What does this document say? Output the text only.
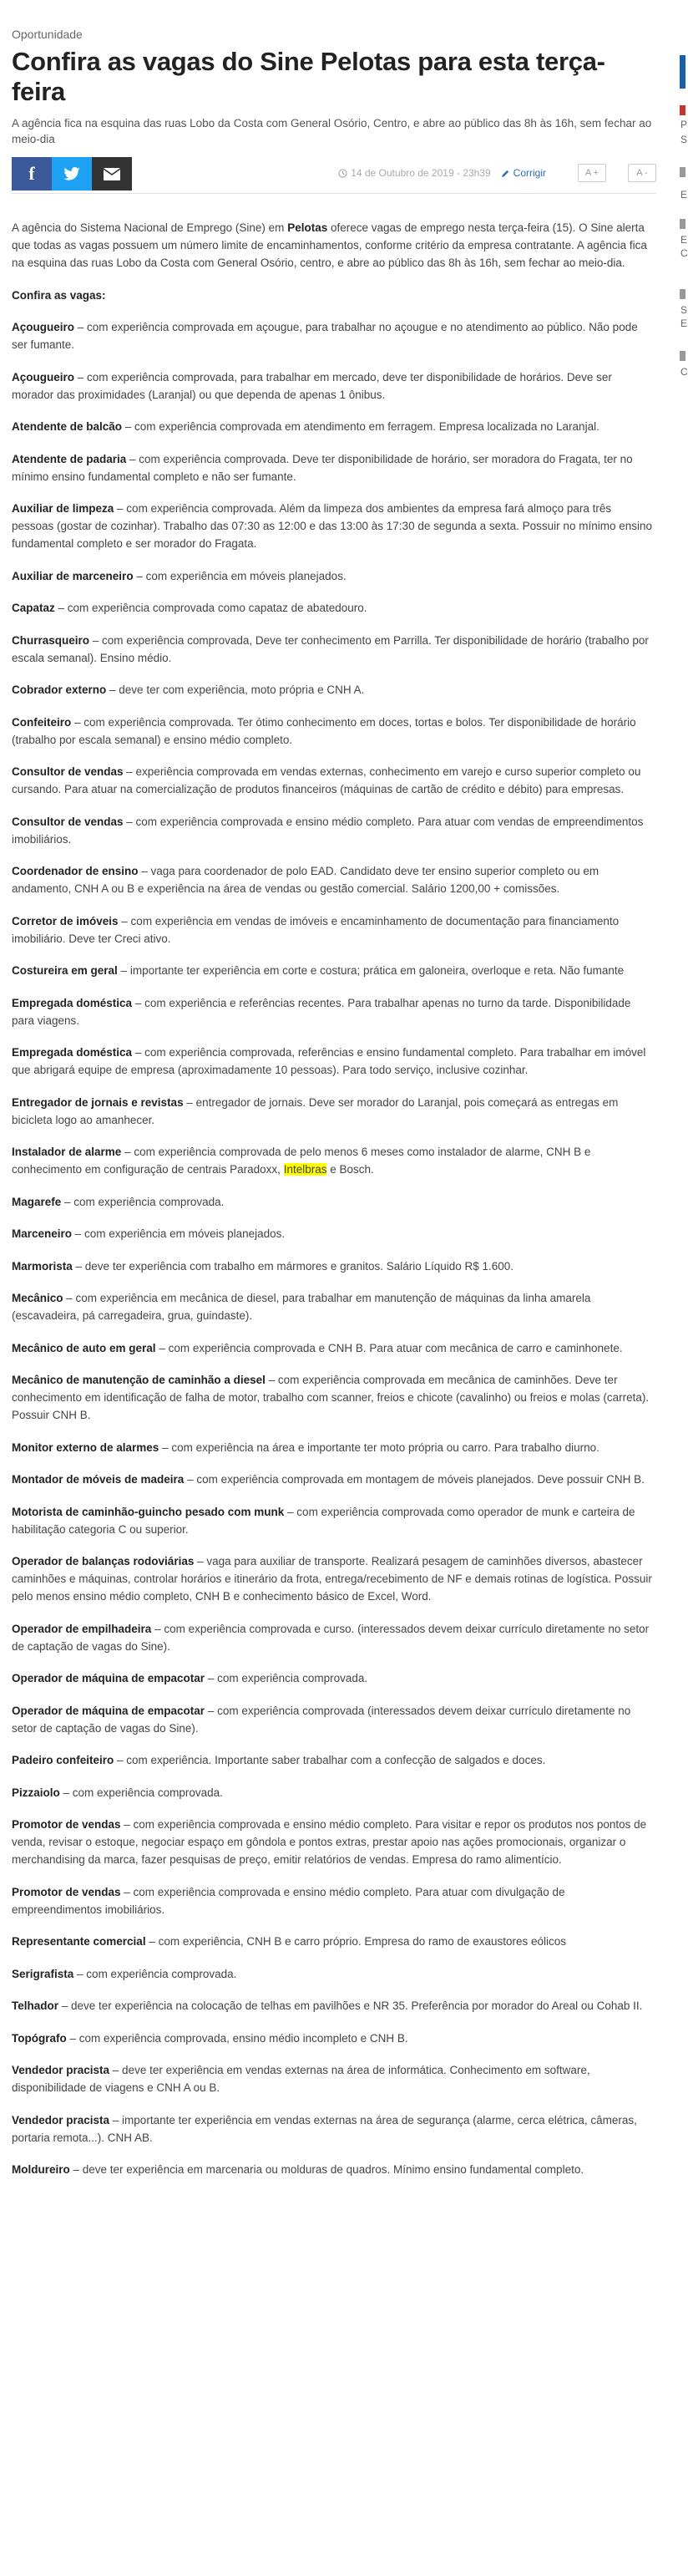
Oportunidade
Confira as vagas do Sine Pelotas para esta terça-feira
A agência fica na esquina das ruas Lobo da Costa com General Osório, Centro, e abre ao público das 8h às 16h, sem fechar ao meio-dia
f	14 de Outubro de 2019 - 23h39 Corrigir	A +	A -

A agência do Sistema Nacional de Emprego (Sine) em Pelotas oferece vagas de emprego nesta terça-feira (15). O Sine alerta que todas as vagas possuem um número limite de encaminhamentos, conforme critério da empresa contratante. A agência fica na esquina das ruas Lobo da Costa com General Osório, centro, e abre ao público das 8h às 16h, sem fechar ao meio-dia.

Confira as vagas:

Açougueiro – com experiência comprovada em açougue, para trabalhar no açougue e no atendimento ao público. Não pode ser fumante.

Açougueiro – com experiência comprovada, para trabalhar em mercado, deve ter disponibilidade de horários. Deve ser morador das proximidades (Laranjal) ou que dependa de apenas 1 ônibus.

Atendente de balcão – com experiência comprovada em atendimento em ferragem. Empresa localizada no Laranjal.

Atendente de padaria – com experiência comprovada. Deve ter disponibilidade de horário, ser moradora do Fragata, ter no mínimo ensino fundamental completo e não ser fumante.

Auxiliar de limpeza – com experiência comprovada. Além da limpeza dos ambientes da empresa fará almoço para três pessoas (gostar de cozinhar). Trabalho das 07:30 as 12:00 e das 13:00 às 17:30 de segunda a sexta. Possuir no mínimo ensino fundamental completo e ser morador do Fragata.

Auxiliar de marceneiro – com experiência em móveis planejados.

Capataz – com experiência comprovada como capataz de abatedouro.

Churrasqueiro – com experiência comprovada, Deve ter conhecimento em Parrilla. Ter disponibilidade de horário (trabalho por escala semanal). Ensino médio.

Cobrador externo – deve ter com experiência, moto própria e CNH A.

Confeiteiro – com experiência comprovada. Ter ótimo conhecimento em doces, tortas e bolos. Ter disponibilidade de horário (trabalho por escala semanal) e ensino médio completo.

Consultor de vendas – experiência comprovada em vendas externas, conhecimento em varejo e curso superior completo ou cursando. Para atuar na comercialização de produtos financeiros (máquinas de cartão de crédito e débito) para empresas.

Consultor de vendas – com experiência comprovada e ensino médio completo. Para atuar com vendas de empreendimentos imobiliários.

Coordenador de ensino – vaga para coordenador de polo EAD. Candidato deve ter ensino superior completo ou em andamento, CNH A ou B e experiência na área de vendas ou gestão comercial. Salário 1200,00 + comissões.

Corretor de imóveis – com experiência em vendas de imóveis e encaminhamento de documentação para financiamento imobiliário. Deve ter Creci ativo.

Costureira em geral – importante ter experiência em corte e costura; prática em galoneira, overloque e reta. Não fumante

Empregada doméstica – com experiência e referências recentes. Para trabalhar apenas no turno da tarde. Disponibilidade para viagens.

Empregada doméstica – com experiência comprovada, referências e ensino fundamental completo. Para trabalhar em imóvel que abrigará equipe de empresa (aproximadamente 10 pessoas). Para todo serviço, inclusive cozinhar.

Entregador de jornais e revistas – entregador de jornais. Deve ser morador do Laranjal, pois começará as entregas em bicicleta logo ao amanhecer.

Instalador de alarme – com experiência comprovada de pelo menos 6 meses como instalador de alarme, CNH B e conhecimento em configuração de centrais Paradoxx, Intelbras e Bosch.

Magarefe – com experiência comprovada.

Marceneiro – com experiência em móveis planejados.

Marmorista – deve ter experiência com trabalho em mármores e granitos. Salário Líquido R$ 1.600.

Mecânico – com experiência em mecânica de diesel, para trabalhar em manutenção de máquinas da linha amarela (escavadeira, pá carregadeira, grua, guindaste).

Mecânico de auto em geral – com experiência comprovada e CNH B. Para atuar com mecânica de carro e caminhonete.

Mecânico de manutenção de caminhão a diesel – com experiência comprovada em mecânica de caminhões. Deve ter conhecimento em identificação de falha de motor, trabalho com scanner, freios e chicote (cavalinho) ou freios e molas (carreta). Possuir CNH B.

Monitor externo de alarmes – com experiência na área e importante ter moto própria ou carro. Para trabalho diurno.

Montador de móveis de madeira – com experiência comprovada em montagem de móveis planejados. Deve possuir CNH B.

Motorista de caminhão-guincho pesado com munk – com experiência comprovada como operador de munk e carteira de habilitação categoria C ou superior.

Operador de balanças rodoviárias – vaga para auxiliar de transporte. Realizará pesagem de caminhões diversos, abastecer caminhões e máquinas, controlar horários e itinerário da frota, entrega/recebimento de NF e demais rotinas de logística. Possuir pelo menos ensino médio completo, CNH B e conhecimento básico de Excel, Word.

Operador de empilhadeira – com experiência comprovada e curso. (interessados devem deixar currículo diretamente no setor de captação de vagas do Sine).

Operador de máquina de empacotar – com experiência comprovada.

Operador de máquina de empacotar – com experiência comprovada (interessados devem deixar currículo diretamente no setor de captação de vagas do Sine).

Padeiro confeiteiro – com experiência. Importante saber trabalhar com a confecção de salgados e doces.

Pizzaiolo – com experiência comprovada.

Promotor de vendas – com experiência comprovada e ensino médio completo. Para visitar e repor os produtos nos pontos de venda, revisar o estoque, negociar espaço em gôndola e pontos extras, prestar apoio nas ações promocionais, organizar o merchandising da marca, fazer pesquisas de preço, emitir relatórios de vendas. Empresa do ramo alimentício.

Promotor de vendas – com experiência comprovada e ensino médio completo. Para atuar com divulgação de empreendimentos imobiliários.

Representante comercial – com experiência, CNH B e carro próprio. Empresa do ramo de exaustores eólicos

Serigrafista – com experiência comprovada.

Telhador – deve ter experiência na colocação de telhas em pavilhões e NR 35. Preferência por morador do Areal ou Cohab II.

Topógrafo – com experiência comprovada, ensino médio incompleto e CNH B.

Vendedor pracista – deve ter experiência em vendas externas na área de informática. Conhecimento em software, disponibilidade de viagens e CNH A ou B.

Vendedor pracista – importante ter experiência em vendas externas na área de segurança (alarme, cerca elétrica, câmeras, portaria remota...). CNH AB.

Moldureiro – deve ter experiência em marcenaria ou molduras de quadros. Mínimo ensino fundamental completo.

P
S
E
E
C
S
E
C
